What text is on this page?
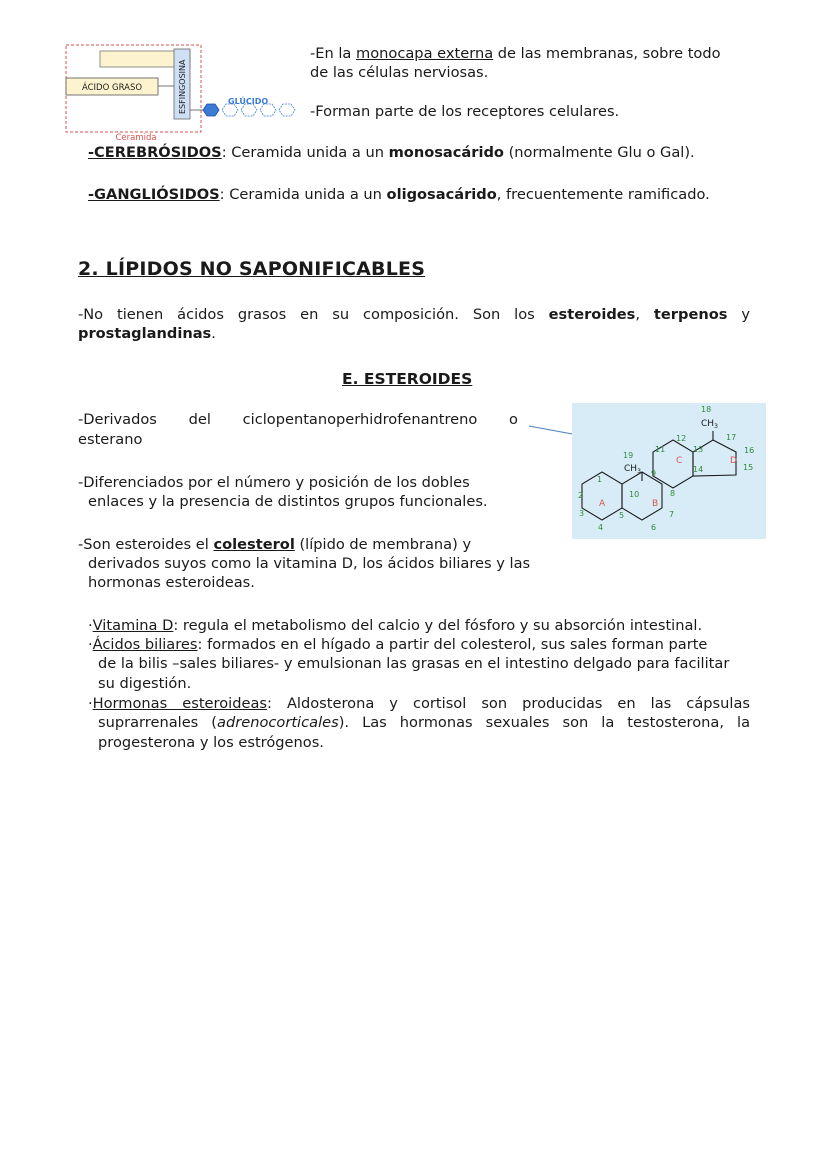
ÁCIDO GRASO	ESFINGOSINA	GLÚCIDO
Ceramida
-En la monocapa externa de las membranas, sobre todo
de las células nerviosas.
-Forman parte de los receptores celulares.
-CEREBRÓSIDOS: Ceramida unida a un monosacárido (normalmente Glu o Gal).
-GANGLIÓSIDOS: Ceramida unida a un oligosacárido, frecuentemente ramificado.
2. LÍPIDOS NO SAPONIFICABLES
-No tienen ácidos grasos en su composición. Son los esteroides, terpenos y
prostaglandinas.
E. ESTEROIDES
-Derivados del ciclopentanoperhidrofenantreno o
esterano
-Diferenciados por el número y posición de los dobles
enlaces y la presencia de distintos grupos funcionales.
-Son esteroides el colesterol (lípido de membrana) y
derivados suyos como la vitamina D, los ácidos biliares y las
hormonas esteroideas.
1
2
3
4
5
6
7
8
9
10
11
12
13
14	15
16
17
18
19
$CH_3$
$CH_3$
A	B
C	D
·Vitamina D: regula el metabolismo del calcio y del fósforo y su absorción intestinal.
·Ácidos biliares: formados en el hígado a partir del colesterol, sus sales forman parte
de la bilis –sales biliares- y emulsionan las grasas en el intestino delgado para facilitar
su digestión.
·Hormonas esteroideas: Aldosterona y cortisol son producidas en las cápsulas
suprarrenales (adrenocorticales). Las hormonas sexuales son la testosterona, la
progesterona y los estrógenos.
